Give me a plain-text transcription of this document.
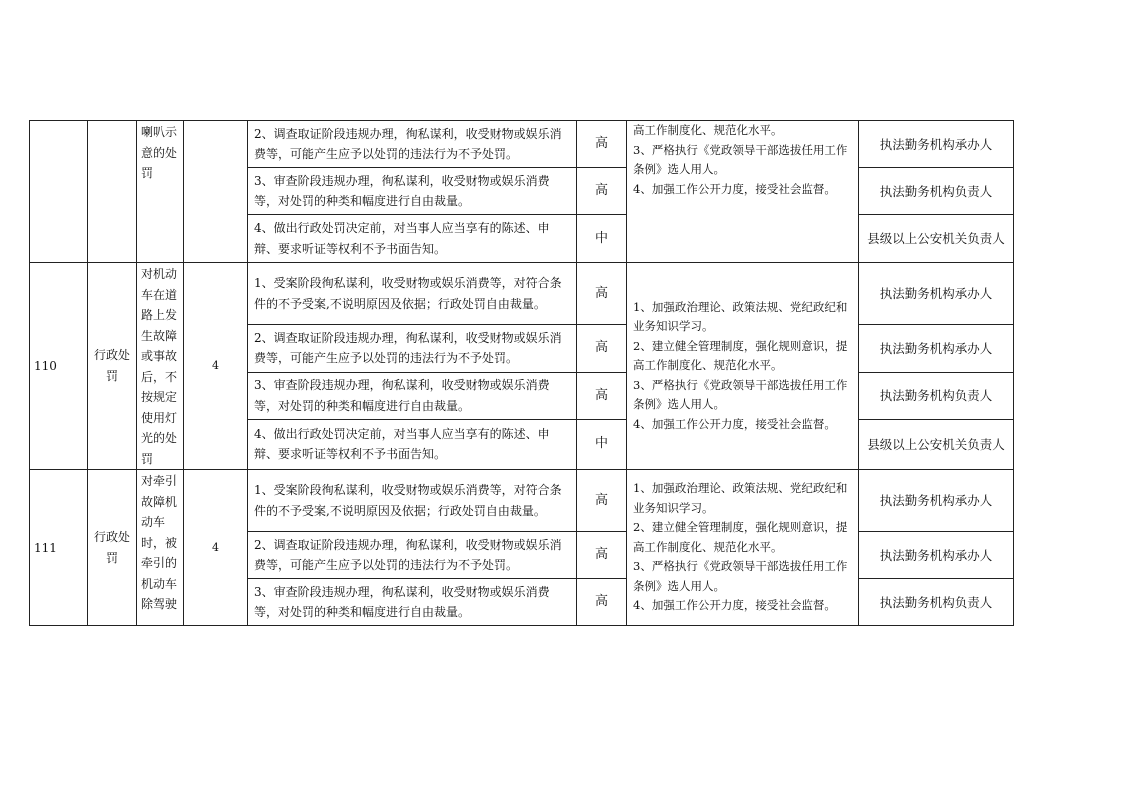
		喇叭示意的处罚		2、调查取证阶段违规办理，徇私谋利，收受财物或娱乐消费等，可能产生应予以处罚的违法行为不予处罚。	高	高工作制度化、规范化水平。
3、严格执行《党政领导干部选拔任用工作条例》选人用人。
4、加强工作公开力度，接受社会监督。	执法勤务机构承办人
				3、审查阶段违规办理，徇私谋利，收受财物或娱乐消费等，对处罚的种类和幅度进行自由裁量。	高		执法勤务机构负责人
				4、做出行政处罚决定前，对当事人应当享有的陈述、申辩、要求听证等权利不予书面告知。	中		县级以上公安机关负责人
110	行政处罚	对机动车在道路上发生故障或事故后，不按规定使用灯光的处罚	4	1、受案阶段徇私谋利，收受财物或娱乐消费等，对符合条件的不予受案,不说明原因及依据；行政处罚自由裁量。	高	1、加强政治理论、政策法规、党纪政纪和业务知识学习。
2、建立健全管理制度，强化规则意识，提高工作制度化、规范化水平。
3、严格执行《党政领导干部选拔任用工作条例》选人用人。
4、加强工作公开力度，接受社会监督。	执法勤务机构承办人
				2、调查取证阶段违规办理，徇私谋利，收受财物或娱乐消费等，可能产生应予以处罚的违法行为不予处罚。	高		执法勤务机构承办人
				3、审查阶段违规办理，徇私谋利，收受财物或娱乐消费等，对处罚的种类和幅度进行自由裁量。	高		执法勤务机构负责人
				4、做出行政处罚决定前，对当事人应当享有的陈述、申辩、要求听证等权利不予书面告知。	中		县级以上公安机关负责人
111	行政处罚	对牵引故障机动车时，被牵引的机动车除驾驶	4	1、受案阶段徇私谋利，收受财物或娱乐消费等，对符合条件的不予受案,不说明原因及依据；行政处罚自由裁量。	高	1、加强政治理论、政策法规、党纪政纪和业务知识学习。
2、建立健全管理制度，强化规则意识，提高工作制度化、规范化水平。
3、严格执行《党政领导干部选拔任用工作条例》选人用人。
4、加强工作公开力度，接受社会监督。	执法勤务机构承办人
				2、调查取证阶段违规办理，徇私谋利，收受财物或娱乐消费等，可能产生应予以处罚的违法行为不予处罚。	高		执法勤务机构承办人
				3、审查阶段违规办理，徇私谋利，收受财物或娱乐消费等，对处罚的种类和幅度进行自由裁量。	高		执法勤务机构负责人
